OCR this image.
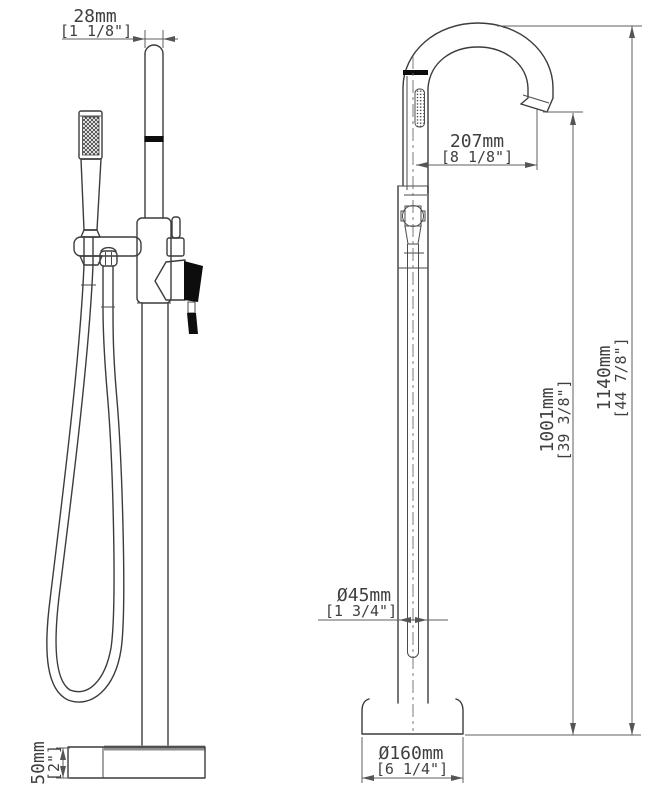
28mm
[1 1/8"]
207mm
[8 1/8"]
1001mm
[39 3/8"]
1140mm
[44 7/8"]
Ø45mm
[1 3/4"]
Ø160mm
[6 1/4"]
50mm
[2"]
